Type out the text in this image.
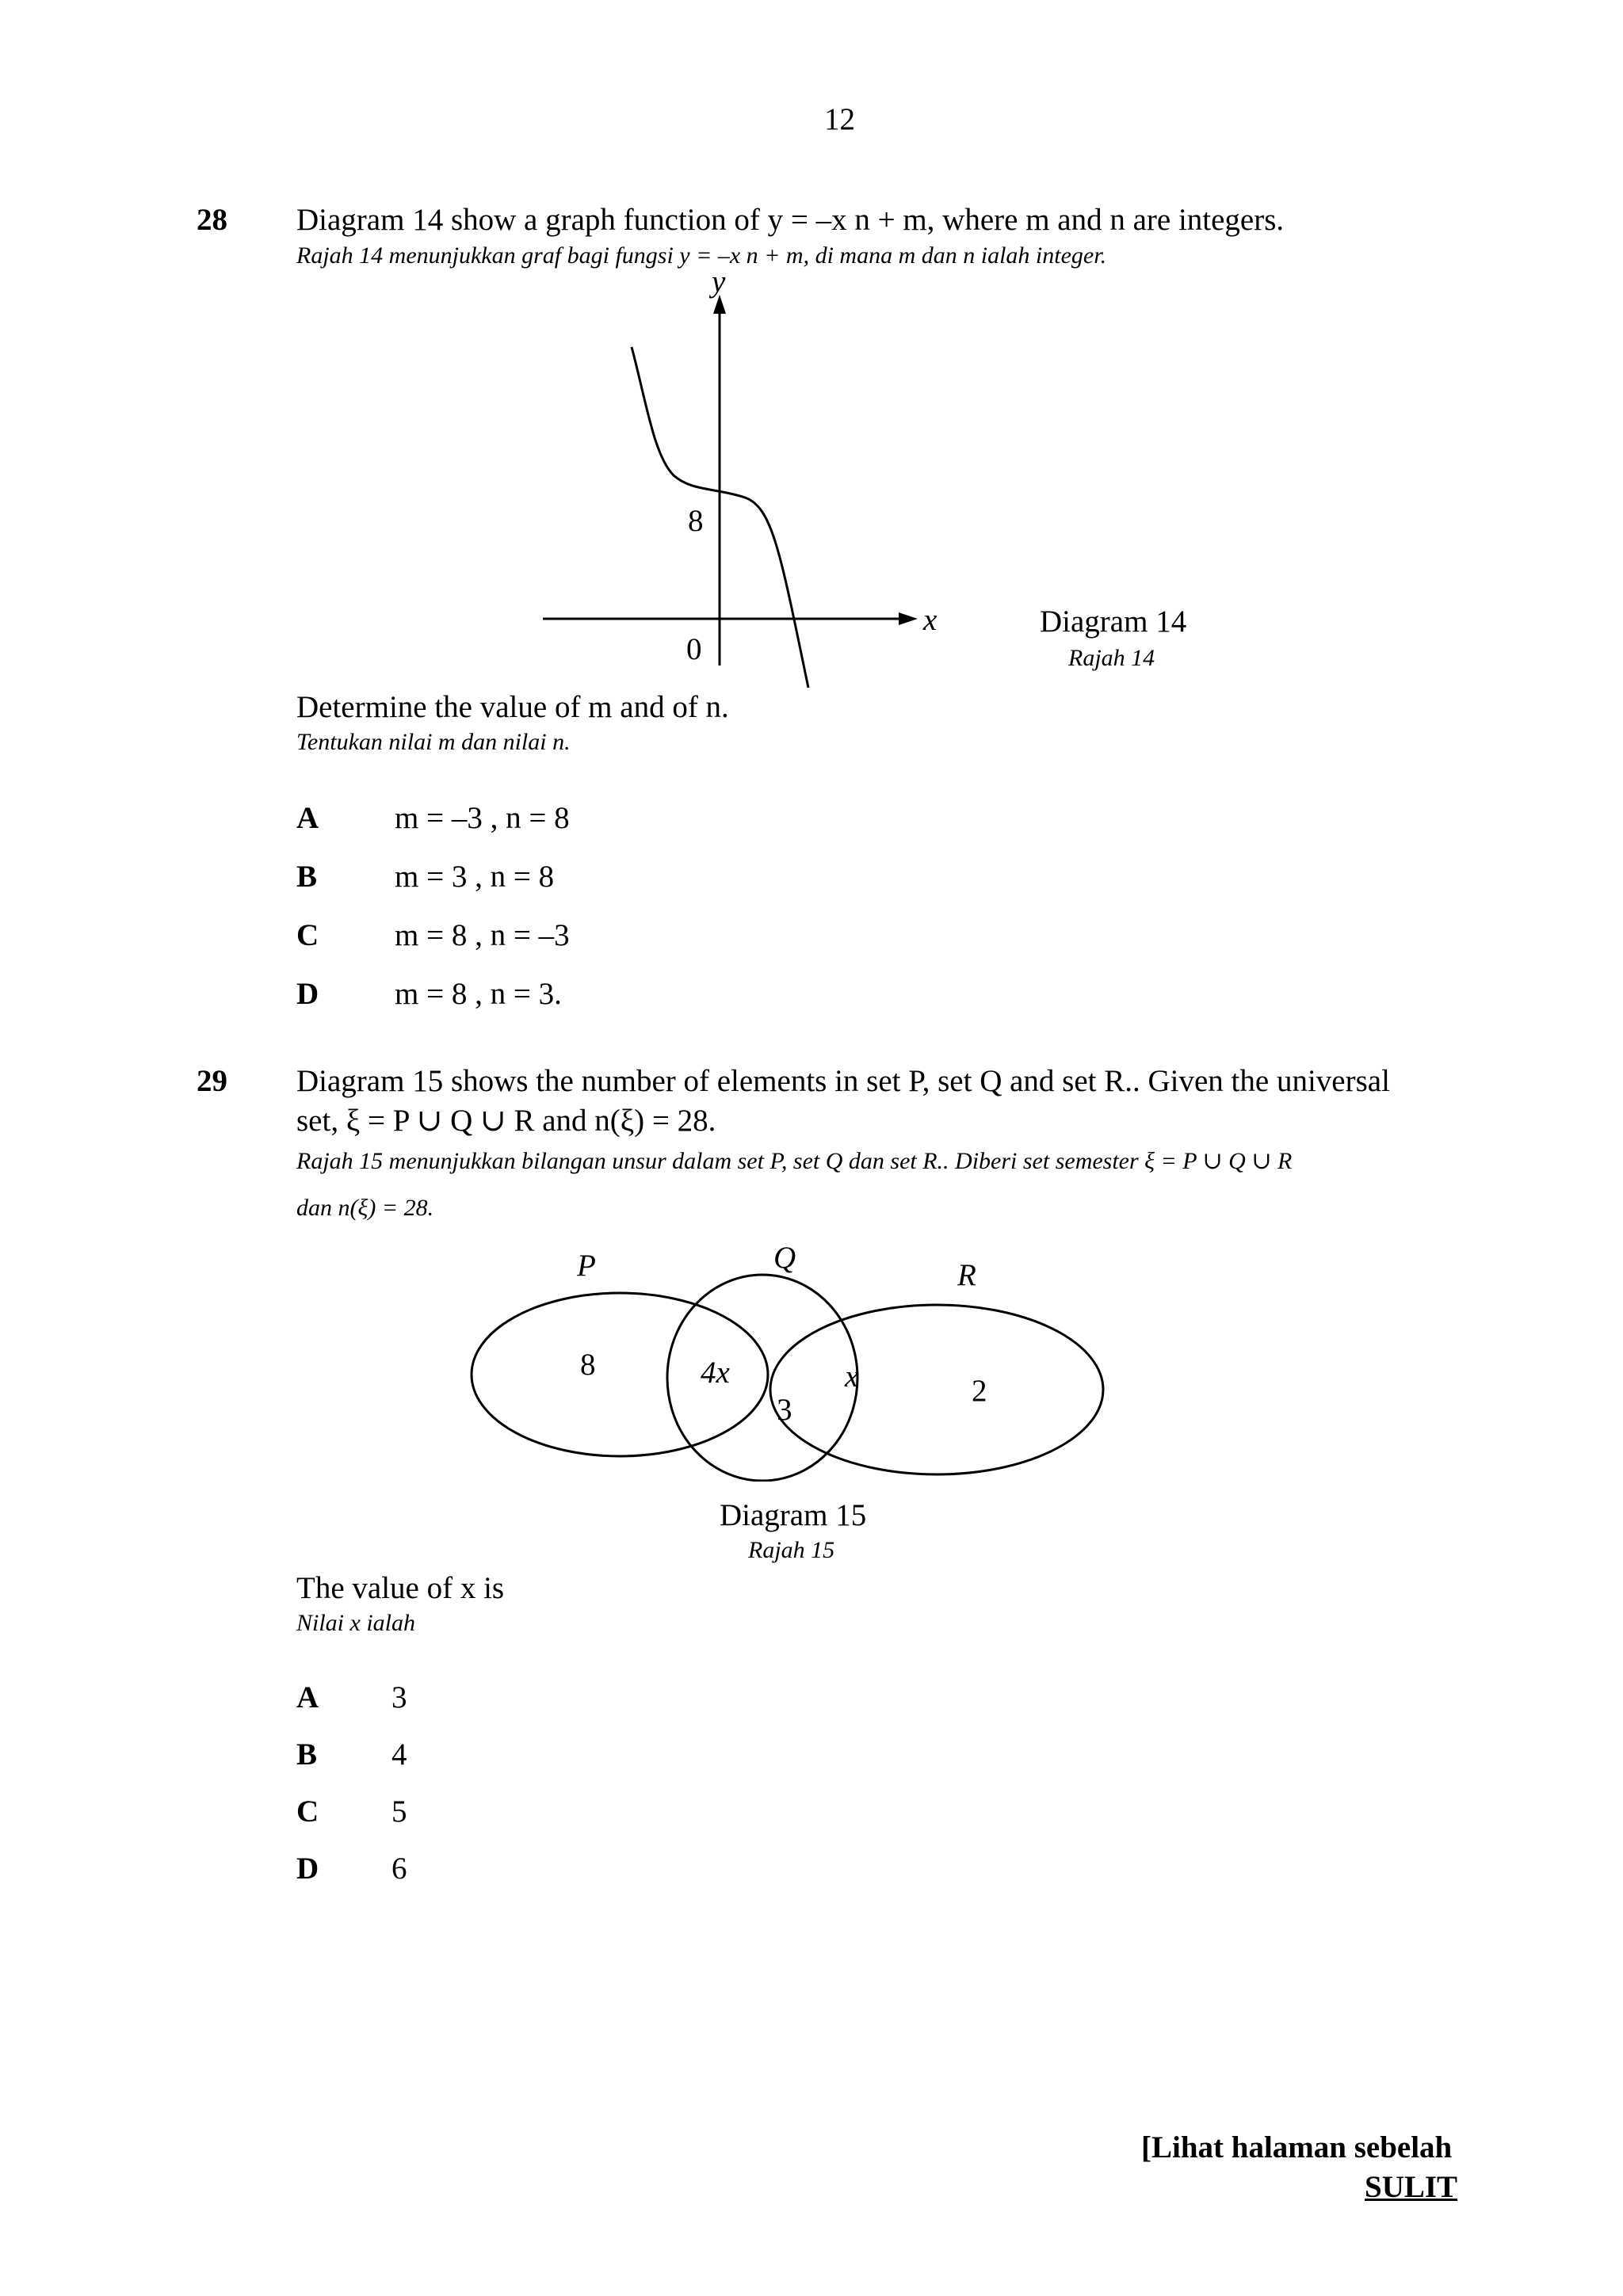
12
28 Diagram 14 show a graph function of y = –x n + m, where m and n are integers.
Rajah 14 menunjukkan graf bagi fungsi y = –x n + m, di mana m dan n ialah integer.
y
x
8
0
Diagram 14
Rajah 14
Determine the value of m and of n.
Tentukan nilai m dan nilai n.
A m = –3 , n = 8
B	m = 3 , n = 8
C m = 8 , n = –3
D m = 8 , n = 3.
29 Diagram 15 shows the number of elements in set P, set Q and set R.. Given the universal
set, ξ = P ∪ Q ∪ R and n(ξ) = 28.
Rajah 15 menunjukkan bilangan unsur dalam set P, set Q dan set R.. Diberi set semester ξ = P ∪ Q ∪ R
dan n(ξ) = 28.
P	Q
R
8	4x
3
x	2
Diagram 15
Rajah 15
The value of x is
Nilai x ialah
A 3
B 4
C 5
D 6
[Lihat halaman sebelah
SULIT
